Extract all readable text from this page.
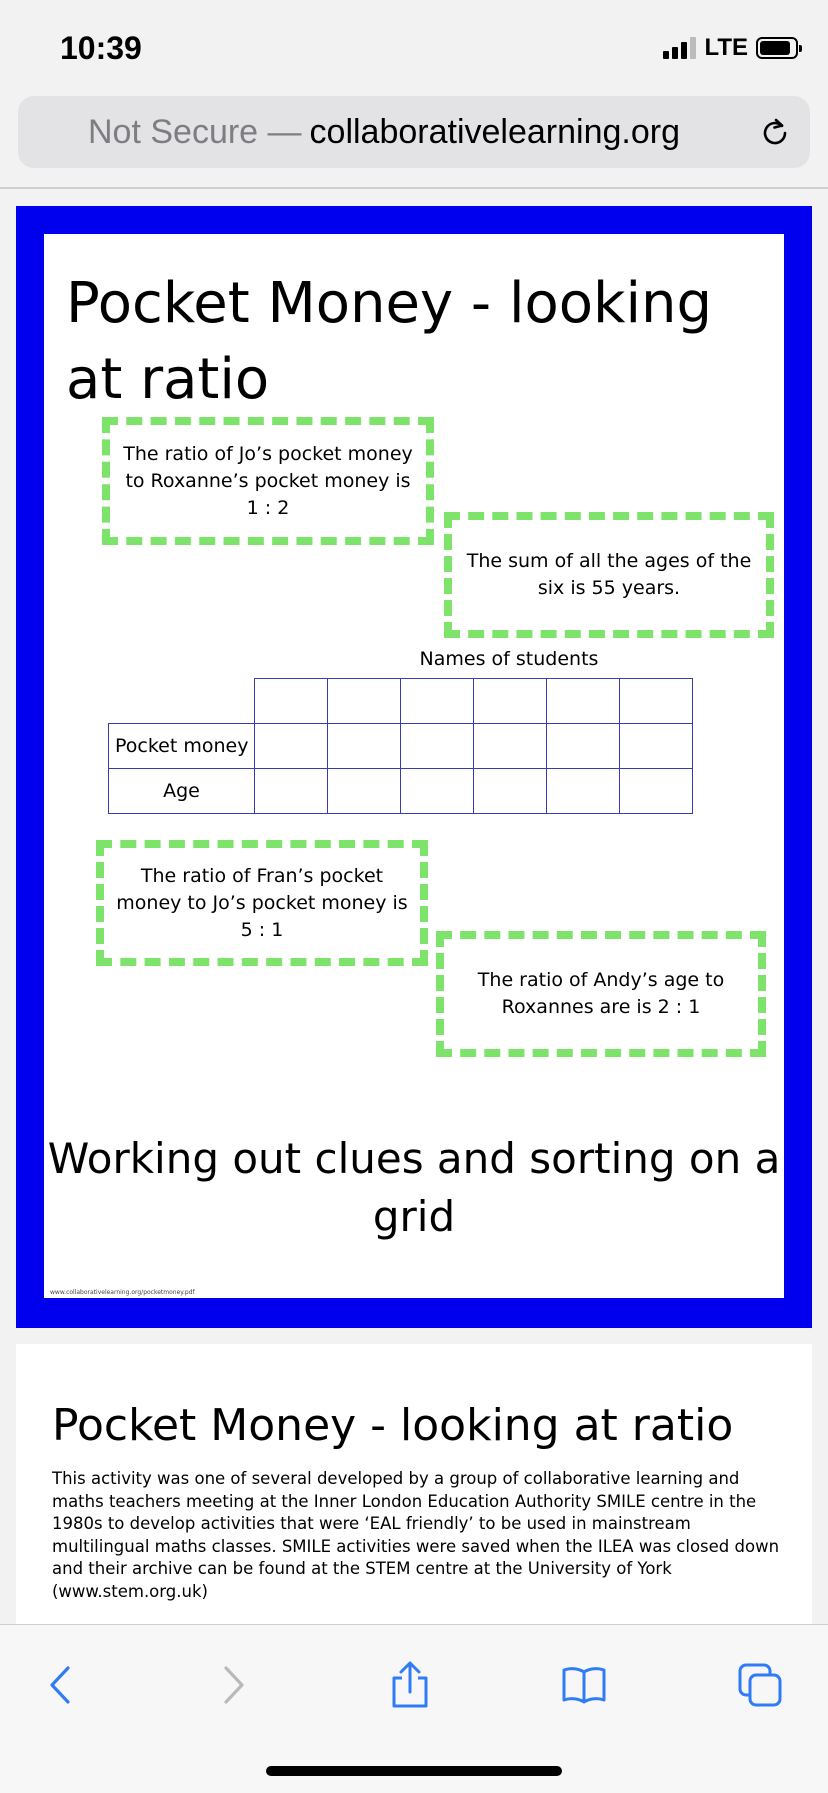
10:39	LTE
Not Secure — collaborativelearning.org
Pocket Money - looking at ratio
The ratio of Jo’s pocket money to Roxanne’s pocket money is 1 : 2
The sum of all the ages of the six is 55 years.
Names of students

Pocket money						
Age						
The ratio of Fran’s pocket money to Jo’s pocket money is 5 : 1
The ratio of Andy’s age to Roxannes are is 2 : 1
Working out clues and sorting on a grid
www.collaborativelearning.org/pocketmoney.pdf
Pocket Money - looking at ratio

This activity was one of several developed by a group of collaborative learning and maths teachers meeting at the Inner London Education Authority SMILE centre in the 1980s to develop activities that were ‘EAL friendly’ to be used in mainstream multilingual maths classes. SMILE activities were saved when the ILEA was closed down and their archive can be found at the STEM centre at the University of York (www.stem.org.uk)
